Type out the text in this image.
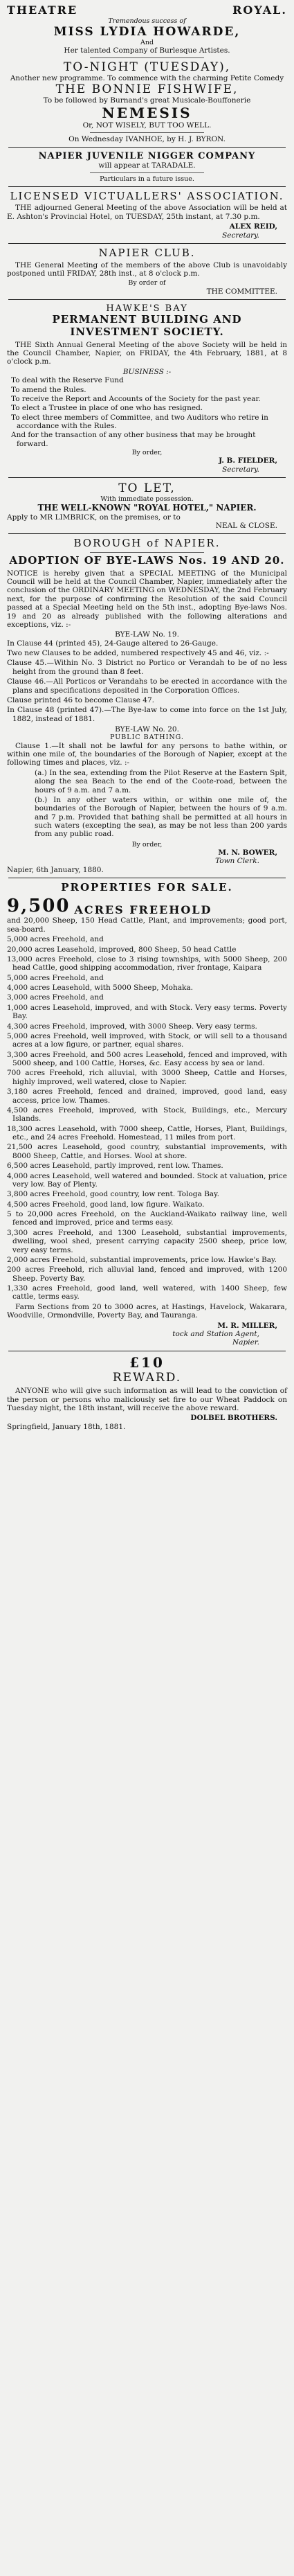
THEATRE	ROYAL.

Tremendous success of

MISS LYDIA HOWARDE,

And

Her talented Company of Burlesque Artistes.

TO-NIGHT (TUESDAY),

Another new programme. To commence with the charming Petite Comedy

THE BONNIE FISHWIFE,

To be followed by Burnand's great Musicale-Bouffonerie

NEMESIS

Or, NOT WISELY, BUT TOO WELL.

On Wednesday IVANHOE, by H. J. BYRON.

NAPIER JUVENILE NIGGER COMPANY

will appear at TARADALE.

Particulars in a future issue.

LICENSED VICTUALLERS' ASSOCIATION.

THE adjourned General Meeting of the above Association will be held at E. Ashton's Provincial Hotel, on TUESDAY, 25th instant, at 7.30 p.m.

ALEX REID,

Secretary.

NAPIER CLUB.

THE General Meeting of the members of the above Club is unavoidably postponed until FRIDAY, 28th inst., at 8 o'clock p.m.

By order of

THE COMMITTEE.

HAWKE'S BAY

PERMANENT BUILDING AND INVESTMENT SOCIETY.

THE Sixth Annual General Meeting of the above Society will be held in the Council Chamber, Napier, on FRIDAY, the 4th February, 1881, at 8 o'clock p.m.

BUSINESS :-

To deal with the Reserve Fund

To amend the Rules.

To receive the Report and Accounts of the Society for the past year.

To elect a Trustee in place of one who has resigned.

To elect three members of Committee, and two Auditors who retire in accordance with the Rules.

And for the transaction of any other business that may be brought forward.

By order,

J. B. FIELDER,

Secretary.

TO LET,

With immediate possession.

THE WELL-KNOWN "ROYAL HOTEL," NAPIER.

Apply to MR LIMBRICK, on the premises, or to

NEAL & CLOSE.

BOROUGH of NAPIER.

ADOPTION OF BYE-LAWS Nos. 19 AND 20.

NOTICE is hereby given that a SPECIAL MEETING of the Municipal Council will be held at the Council Chamber, Napier, immediately after the conclusion of the ORDINARY MEETING on WEDNESDAY, the 2nd February next, for the purpose of confirming the Resolution of the said Council passed at a Special Meeting held on the 5th inst., adopting Bye-laws Nos. 19 and 20 as already published with the following alterations and exceptions, viz. :-

BYE-LAW No. 19.

In Clause 44 (printed 45), 24-Gauge altered to 26-Gauge.

Two new Clauses to be added, numbered respectively 45 and 46, viz. :-

Clause 45.—Within No. 3 District no Portico or Verandah to be of no less height from the ground than 8 feet.

Clause 46.—All Porticos or Verandahs to be erected in accordance with the plans and specifications deposited in the Corporation Offices.

Clause printed 46 to become Clause 47.

In Clause 48 (printed 47).—The Bye-law to come into force on the 1st July, 1882, instead of 1881.

BYE-LAW No. 20.

PUBLIC BATHING.

Clause 1.—It shall not be lawful for any persons to bathe within, or within one mile of, the boundaries of the Borough of Napier, except at the following times and places, viz. :-

(a.) In the sea, extending from the Pilot Reserve at the Eastern Spit, along the sea Beach to the end of the Coote-road, between the hours of 9 a.m. and 7 a.m.

(b.) In any other waters within, or within one mile of, the boundaries of the Borough of Napier, between the hours of 9 a.m. and 7 p.m. Provided that bathing shall be permitted at all hours in such waters (excepting the sea), as may be not less than 200 yards from any public road.

By order,

M. N. BOWER,

Town Clerk.

Napier, 6th January, 1880.

PROPERTIES FOR SALE.

9,500 ACRES FREEHOLD

and 20,000 Sheep, 150 Head Cattle, Plant, and improvements; good port, sea-board.

5,000 acres Freehold, and

20,000 acres Leasehold, improved, 800 Sheep, 50 head Cattle

13,000 acres Freehold, close to 3 rising townships, with 5000 Sheep, 200 head Cattle, good shipping accommodation, river frontage, Kaipara

5,000 acres Freehold, and

4,000 acres Leasehold, with 5000 Sheep, Mohaka.

3,000 acres Freehold, and

1,000 acres Leasehold, improved, and with Stock. Very easy terms. Poverty Bay.

4,300 acres Freehold, improved, with 3000 Sheep. Very easy terms.

5,000 acres Freehold, well improved, with Stock, or will sell to a thousand acres at a low figure, or partner, equal shares.

3,300 acres Freehold, and 500 acres Leasehold, fenced and improved, with 5000 sheep, and 100 Cattle, Horses, &c. Easy access by sea or land.

700 acres Freehold, rich alluvial, with 3000 Sheep, Cattle and Horses, highly improved, well watered, close to Napier.

3,180 acres Freehold, fenced and drained, improved, good land, easy access, price low. Thames.

4,500 acres Freehold, improved, with Stock, Buildings, etc., Mercury Islands.

18,300 acres Leasehold, with 7000 sheep, Cattle, Horses, Plant, Buildings, etc., and 24 acres Freehold. Homestead, 11 miles from port.

21,500 acres Leasehold, good country, substantial improvements, with 8000 Sheep, Cattle, and Horses. Wool at shore.

6,500 acres Leasehold, partly improved, rent low. Thames.

4,000 acres Leasehold, well watered and bounded. Stock at valuation, price very low. Bay of Plenty.

3,800 acres Freehold, good country, low rent. Tologa Bay.

4,500 acres Freehold, good land, low figure. Waikato.

5 to 20,000 acres Freehold, on the Auckland-Waikato railway line, well fenced and improved, price and terms easy.

3,300 acres Freehold, and 1300 Leasehold, substantial improvements, dwelling, wool shed, present carrying capacity 2500 sheep, price low, very easy terms.

2,000 acres Freehold, substantial improvements, price low. Hawke's Bay.

200 acres Freehold, rich alluvial land, fenced and improved, with 1200 Sheep. Poverty Bay.

1,330 acres Freehold, good land, well watered, with 1400 Sheep, few cattle, terms easy.

Farm Sections from 20 to 3000 acres, at Hastings, Havelock, Wakarara, Woodville, Ormondville, Poverty Bay, and Tauranga.

M. R. MILLER,

tock and Station Agent,

Napier.

£10

REWARD.

ANYONE who will give such information as will lead to the conviction of the person or persons who maliciously set fire to our Wheat Paddock on Tuesday night, the 18th instant, will receive the above reward.

DOLBEL BROTHERS.

Springfield, January 18th, 1881.
